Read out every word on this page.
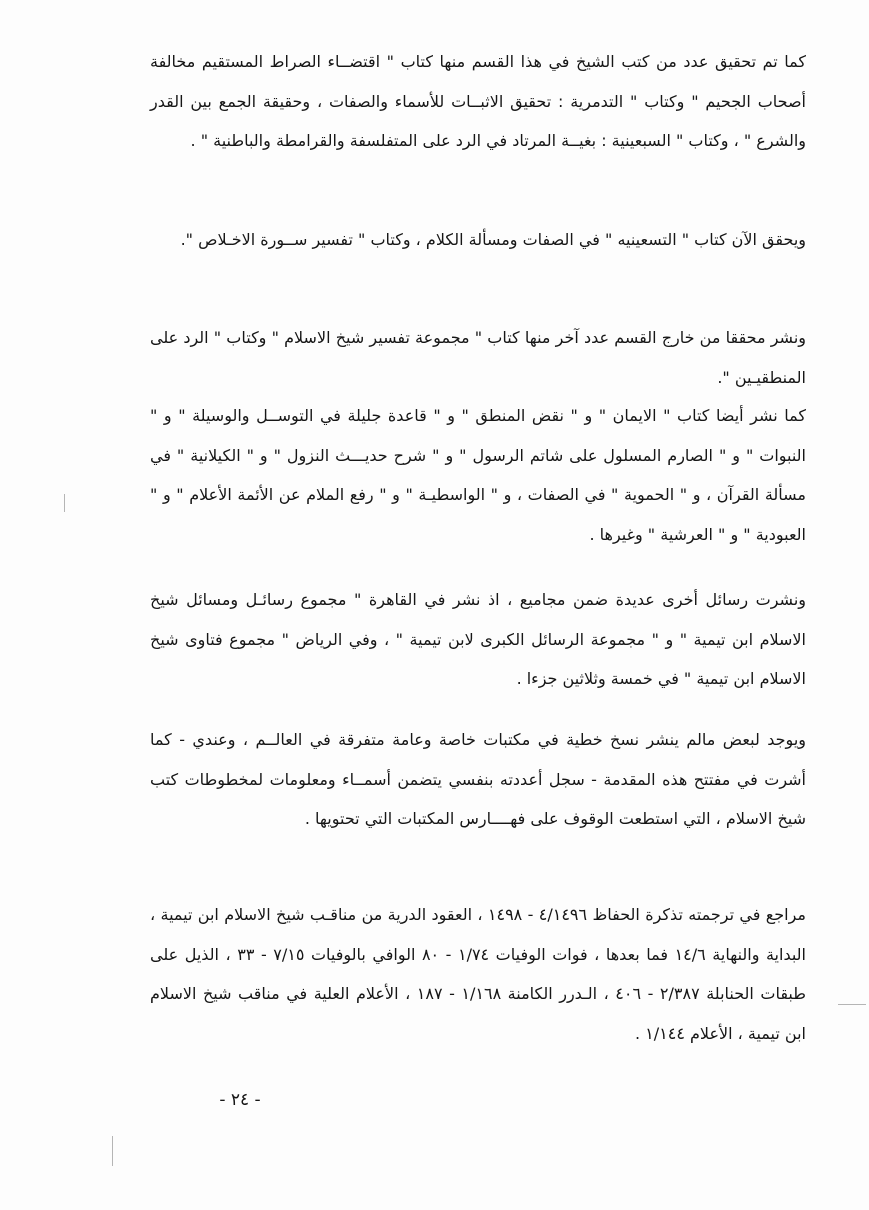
كما تم تحقيق عدد من كتب الشيخ في هذا القسم منها كتاب " اقتضــاء الصراط المستقيم مخالفة أصحاب الجحيم " وكتاب " التدمرية : تحقيق الاثبــات للأسماء والصفات ، وحقيقة الجمع بين القدر والشرع " ، وكتاب " السبعينية : بغيــة المرتاد في الرد على المتفلسفة والقرامطة والباطنية " .

ويحقق الآن كتاب " التسعينيه " في الصفات ومسألة الكلام ، وكتاب " تفسير ســورة الاخـلاص ".

ونشر محققا من خارج القسم عدد آخر منها كتاب " مجموعة تفسير شيخ الاسلام " وكتاب " الرد على المنطقيـين ".

كما نشر أيضا كتاب " الايمان " و " نقض المنطق " و " قاعدة جليلة في التوســل والوسيلة " و " النبوات " و " الصارم المسلول على شاتم الرسول " و " شرح حديـــث النزول " و " الكيلانية " في مسألة القرآن ، و " الحموية " في الصفات ، و " الواسطيـة " و " رفع الملام عن الأئمة الأعلام " و " العبودية " و " العرشية " وغيرها .

ونشرت رسائل أخرى عديدة ضمن مجاميع ، اذ نشر في القاهرة " مجموع رسائـل ومسائل شيخ الاسلام ابن تيمية " و " مجموعة الرسائل الكبرى لابن تيمية " ، وفي الرياض " مجموع فتاوى شيخ الاسلام ابن تيمية " في خمسة وثلاثين جزءا .

ويوجد لبعض مالم ينشر نسخ خطية في مكتبات خاصة وعامة متفرقة في العالــم ، وعندي - كما أشرت في مفتتح هذه المقدمة - سجل أعددته بنفسي يتضمن أسمــاء ومعلومات لمخطوطات كتب شيخ الاسلام ، التي استطعت الوقوف على فهــــارس المكتبات التي تحتويها .

مراجع في ترجمته تذكرة الحفاظ ٤/١٤٩٦ - ١٤٩٨ ، العقود الدرية من مناقـب شيخ الاسلام ابن تيمية ، البداية والنهاية ١٤/٦ فما بعدها ، فوات الوفيات ١/٧٤ - ٨٠ الوافي بالوفيات ٧/١٥ - ٣٣ ، الذيل على طبقات الحنابلة ٢/٣٨٧ - ٤٠٦ ، الـدرر الكامنة ١/١٦٨ - ١٨٧ ، الأعلام العلية في مناقب شيخ الاسلام ابن تيمية ، الأعلام ١/١٤٤ .

- ٢٤ -
